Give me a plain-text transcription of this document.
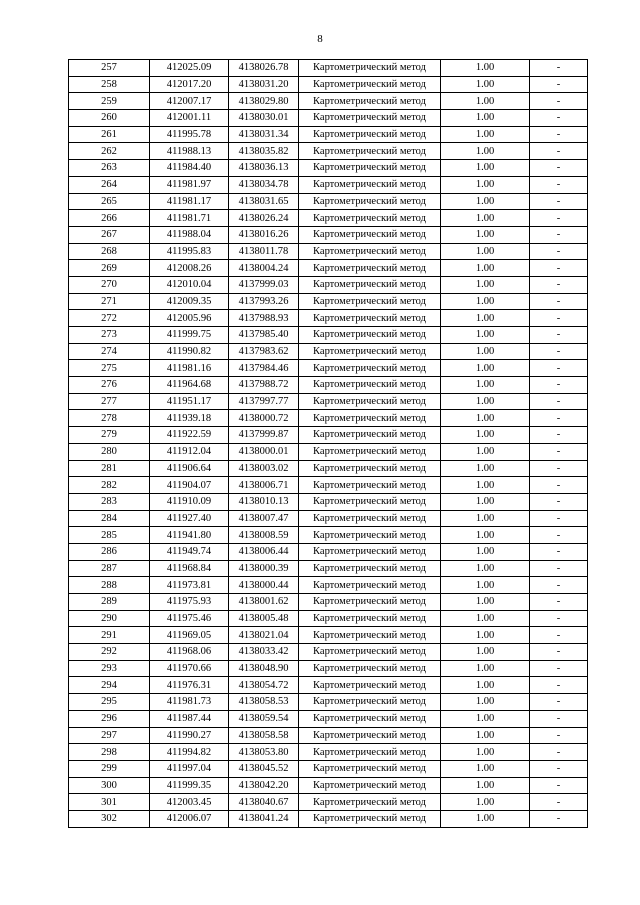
8
257	412025.09	4138026.78	Картометрический метод	1.00	-
258	412017.20	4138031.20	Картометрический метод	1.00	-
259	412007.17	4138029.80	Картометрический метод	1.00	-
260	412001.11	4138030.01	Картометрический метод	1.00	-
261	411995.78	4138031.34	Картометрический метод	1.00	-
262	411988.13	4138035.82	Картометрический метод	1.00	-
263	411984.40	4138036.13	Картометрический метод	1.00	-
264	411981.97	4138034.78	Картометрический метод	1.00	-
265	411981.17	4138031.65	Картометрический метод	1.00	-
266	411981.71	4138026.24	Картометрический метод	1.00	-
267	411988.04	4138016.26	Картометрический метод	1.00	-
268	411995.83	4138011.78	Картометрический метод	1.00	-
269	412008.26	4138004.24	Картометрический метод	1.00	-
270	412010.04	4137999.03	Картометрический метод	1.00	-
271	412009.35	4137993.26	Картометрический метод	1.00	-
272	412005.96	4137988.93	Картометрический метод	1.00	-
273	411999.75	4137985.40	Картометрический метод	1.00	-
274	411990.82	4137983.62	Картометрический метод	1.00	-
275	411981.16	4137984.46	Картометрический метод	1.00	-
276	411964.68	4137988.72	Картометрический метод	1.00	-
277	411951.17	4137997.77	Картометрический метод	1.00	-
278	411939.18	4138000.72	Картометрический метод	1.00	-
279	411922.59	4137999.87	Картометрический метод	1.00	-
280	411912.04	4138000.01	Картометрический метод	1.00	-
281	411906.64	4138003.02	Картометрический метод	1.00	-
282	411904.07	4138006.71	Картометрический метод	1.00	-
283	411910.09	4138010.13	Картометрический метод	1.00	-
284	411927.40	4138007.47	Картометрический метод	1.00	-
285	411941.80	4138008.59	Картометрический метод	1.00	-
286	411949.74	4138006.44	Картометрический метод	1.00	-
287	411968.84	4138000.39	Картометрический метод	1.00	-
288	411973.81	4138000.44	Картометрический метод	1.00	-
289	411975.93	4138001.62	Картометрический метод	1.00	-
290	411975.46	4138005.48	Картометрический метод	1.00	-
291	411969.05	4138021.04	Картометрический метод	1.00	-
292	411968.06	4138033.42	Картометрический метод	1.00	-
293	411970.66	4138048.90	Картометрический метод	1.00	-
294	411976.31	4138054.72	Картометрический метод	1.00	-
295	411981.73	4138058.53	Картометрический метод	1.00	-
296	411987.44	4138059.54	Картометрический метод	1.00	-
297	411990.27	4138058.58	Картометрический метод	1.00	-
298	411994.82	4138053.80	Картометрический метод	1.00	-
299	411997.04	4138045.52	Картометрический метод	1.00	-
300	411999.35	4138042.20	Картометрический метод	1.00	-
301	412003.45	4138040.67	Картометрический метод	1.00	-
302	412006.07	4138041.24	Картометрический метод	1.00	-
